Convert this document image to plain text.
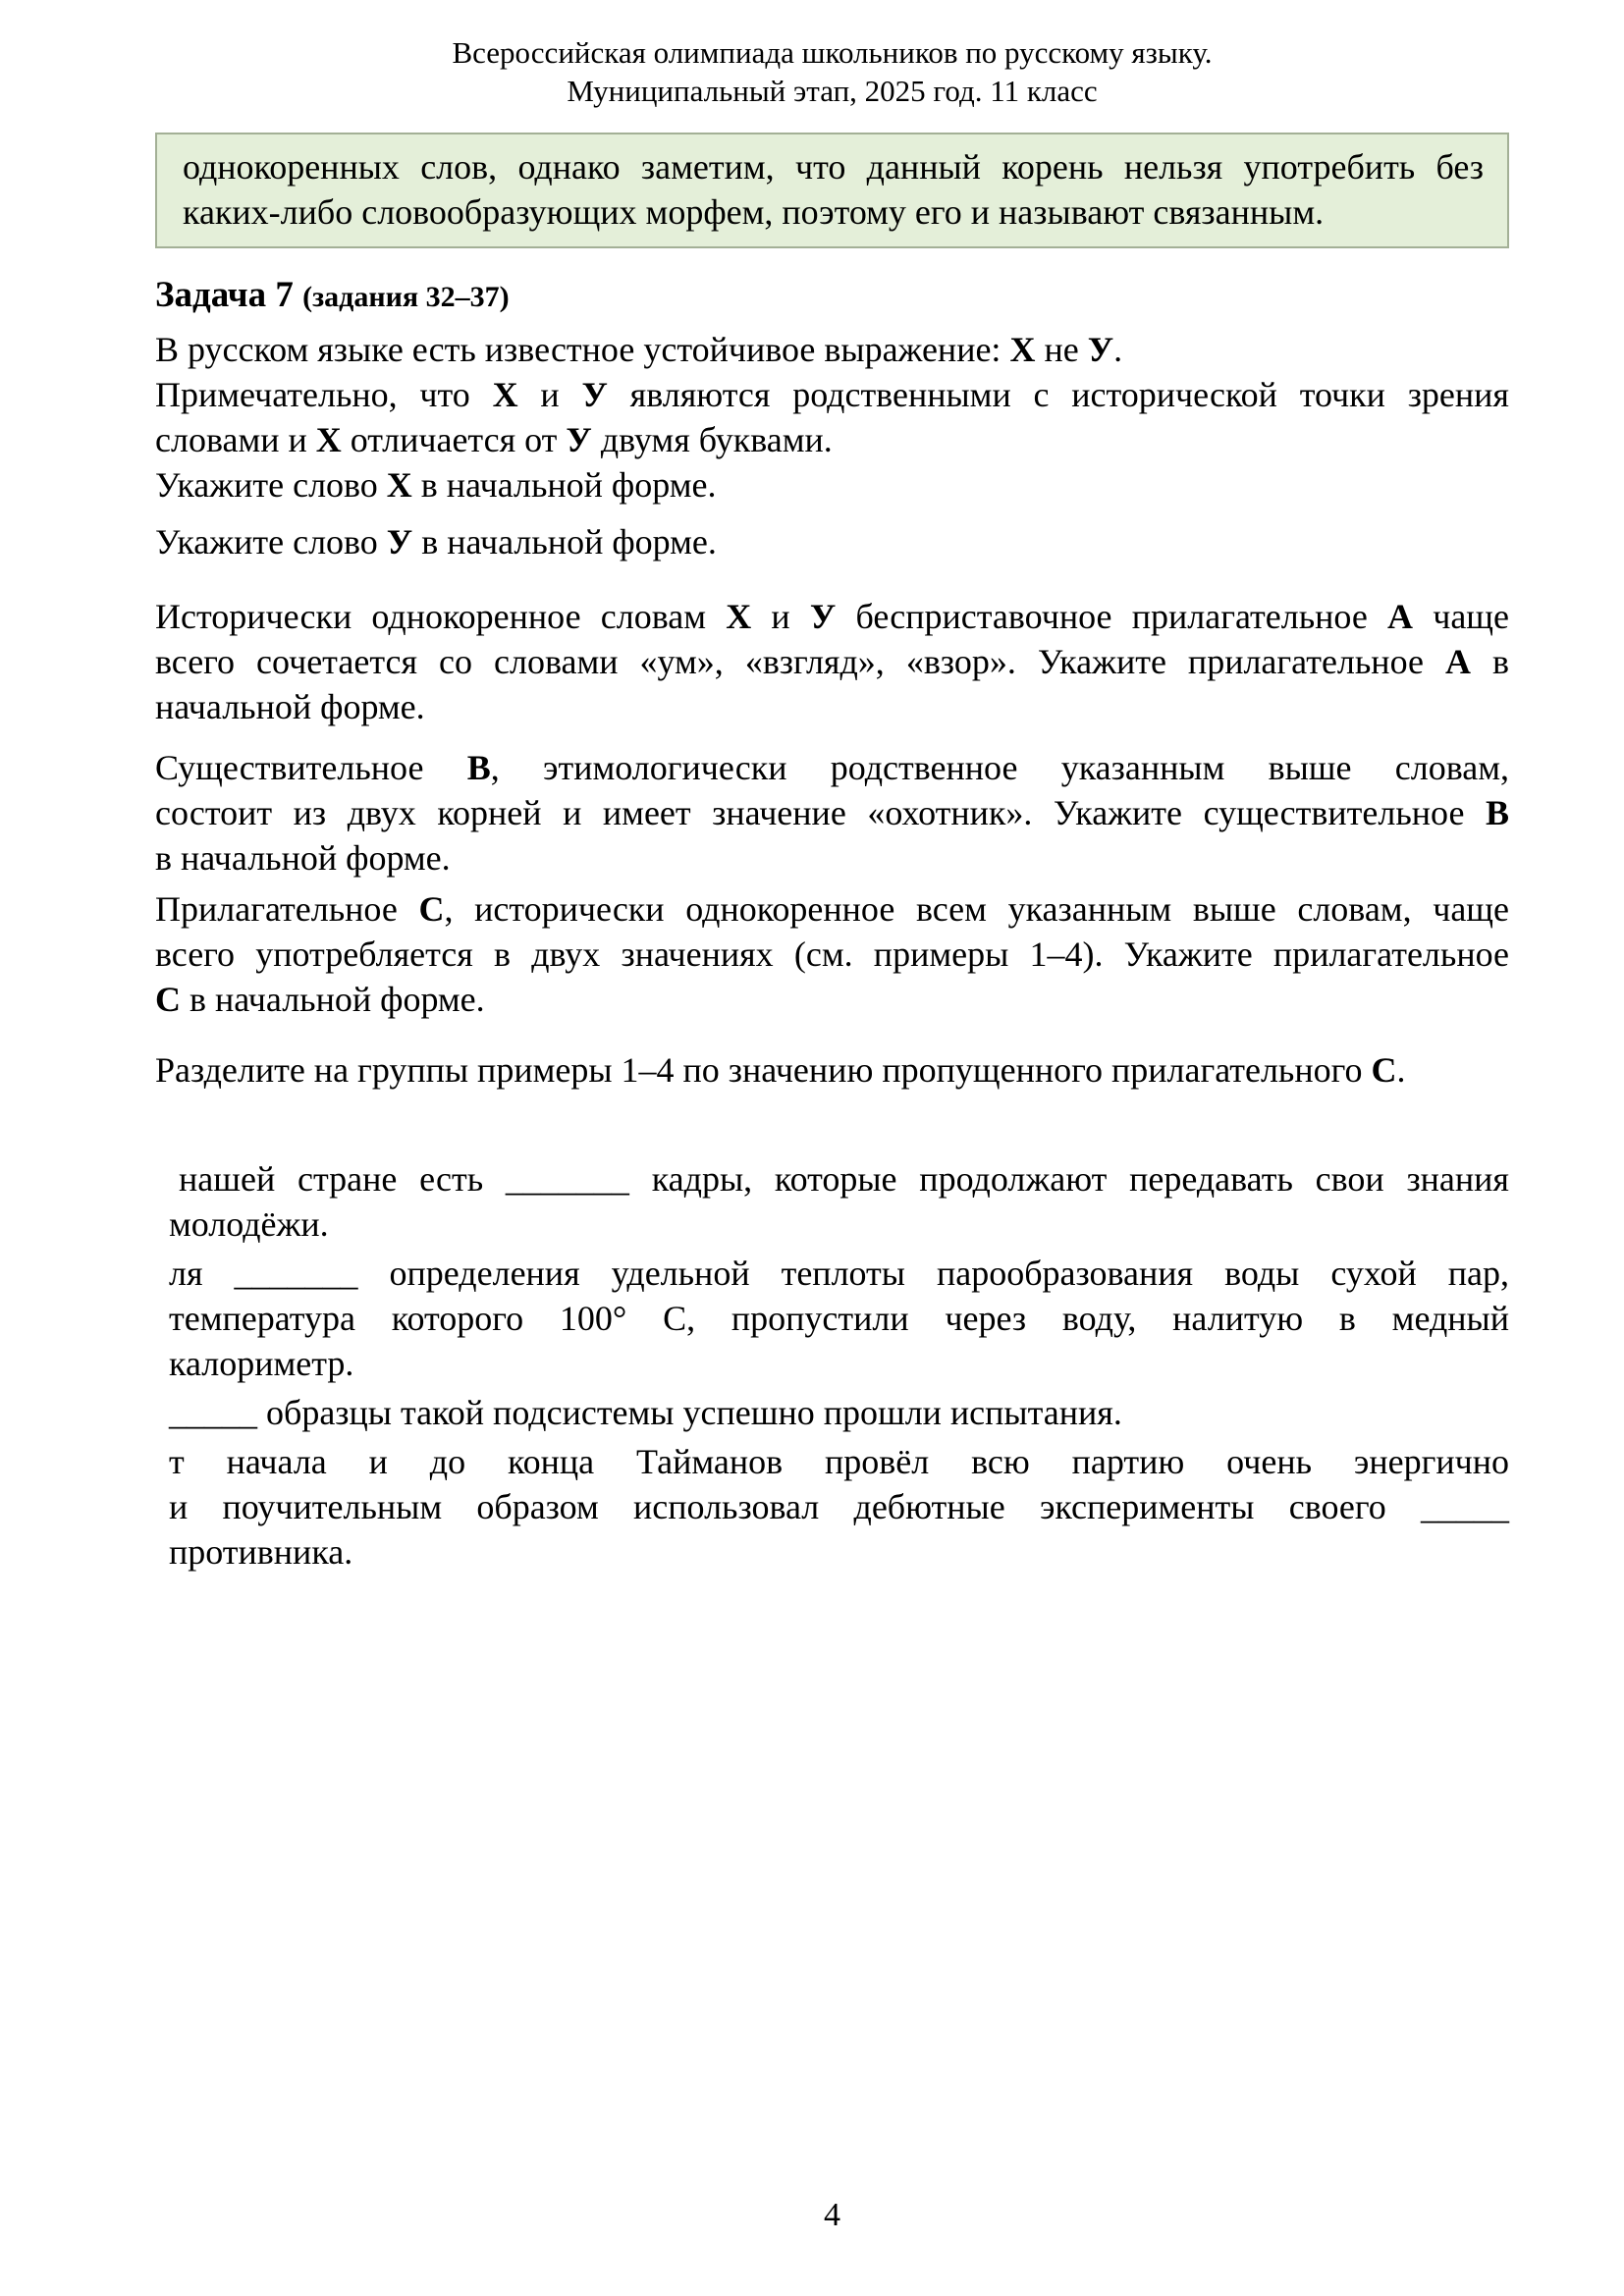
Всероссийская олимпиада школьников по русскому языку.
Муниципальный этап, 2025 год. 11 класс
однокоренных слов, однако заметим, что данный корень нельзя употребить без
каких-либо словообразующих морфем, поэтому его и называют связанным.
Задача 7 (задания 32–37)
В русском языке есть известное устойчивое выражение: Х не У.
Примечательно, что Х и У являются родственными с исторической точки зрения
словами и Х отличается от У двумя буквами.
Укажите слово Х в начальной форме.
Укажите слово У в начальной форме.
Исторически однокоренное словам Х и У бесприставочное прилагательное А чаще
всего сочетается со словами «ум», «взгляд», «взор». Укажите прилагательное А в
начальной форме.
Существительное В, этимологически родственное указанным выше словам,
состоит из двух корней и имеет значение «охотник». Укажите существительное В
в начальной форме.
Прилагательное С, исторически однокоренное всем указанным выше словам, чаще
всего употребляется в двух значениях (см. примеры 1–4). Укажите прилагательное
С в начальной форме.
Разделите на группы примеры 1–4 по значению пропущенного прилагательного С.
нашей стране есть _______ кадры, которые продолжают передавать свои знания
молодёжи.
ля _______ определения удельной теплоты парообразования воды сухой пар,
температура которого 100° С, пропустили через воду, налитую в медный
калориметр.
_____ образцы такой подсистемы успешно прошли испытания.
т начала и до конца Тайманов провёл всю партию очень энергично
и поучительным образом использовал дебютные эксперименты своего _____
противника.
4
